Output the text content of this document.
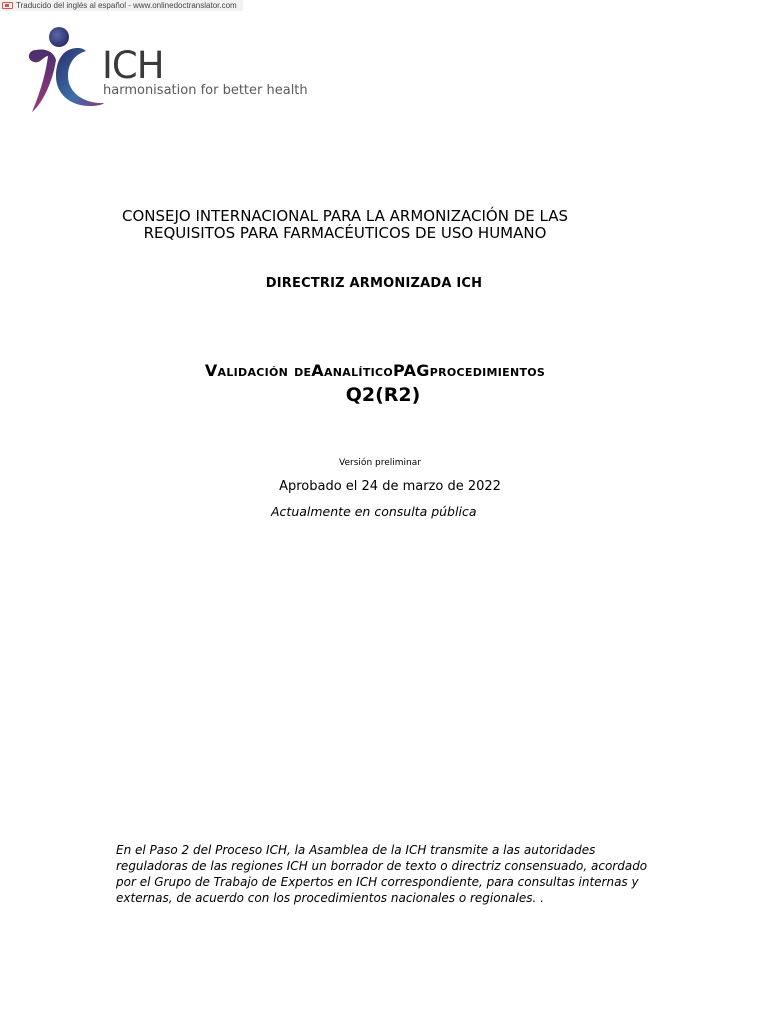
Traducido del inglés al español - www.onlinedoctranslator.com
ICH
harmonisation for better health
CONSEJO INTERNACIONAL PARA LA ARMONIZACIÓN DE LAS
REQUISITOS PARA FARMACÉUTICOS DE USO HUMANO
DIRECTRIZ ARMONIZADA ICH
Validación deAanalíticoPAGprocedimientos
Q2(R2)
Versión preliminar
Aprobado el 24 de marzo de 2022
Actualmente en consulta pública
En el Paso 2 del Proceso ICH, la Asamblea de la ICH transmite a las autoridades reguladoras de las regiones ICH un borrador de texto o directriz consensuado, acordado por el Grupo de Trabajo de Expertos en ICH correspondiente, para consultas internas y externas, de acuerdo con los procedimientos nacionales o regionales. .
